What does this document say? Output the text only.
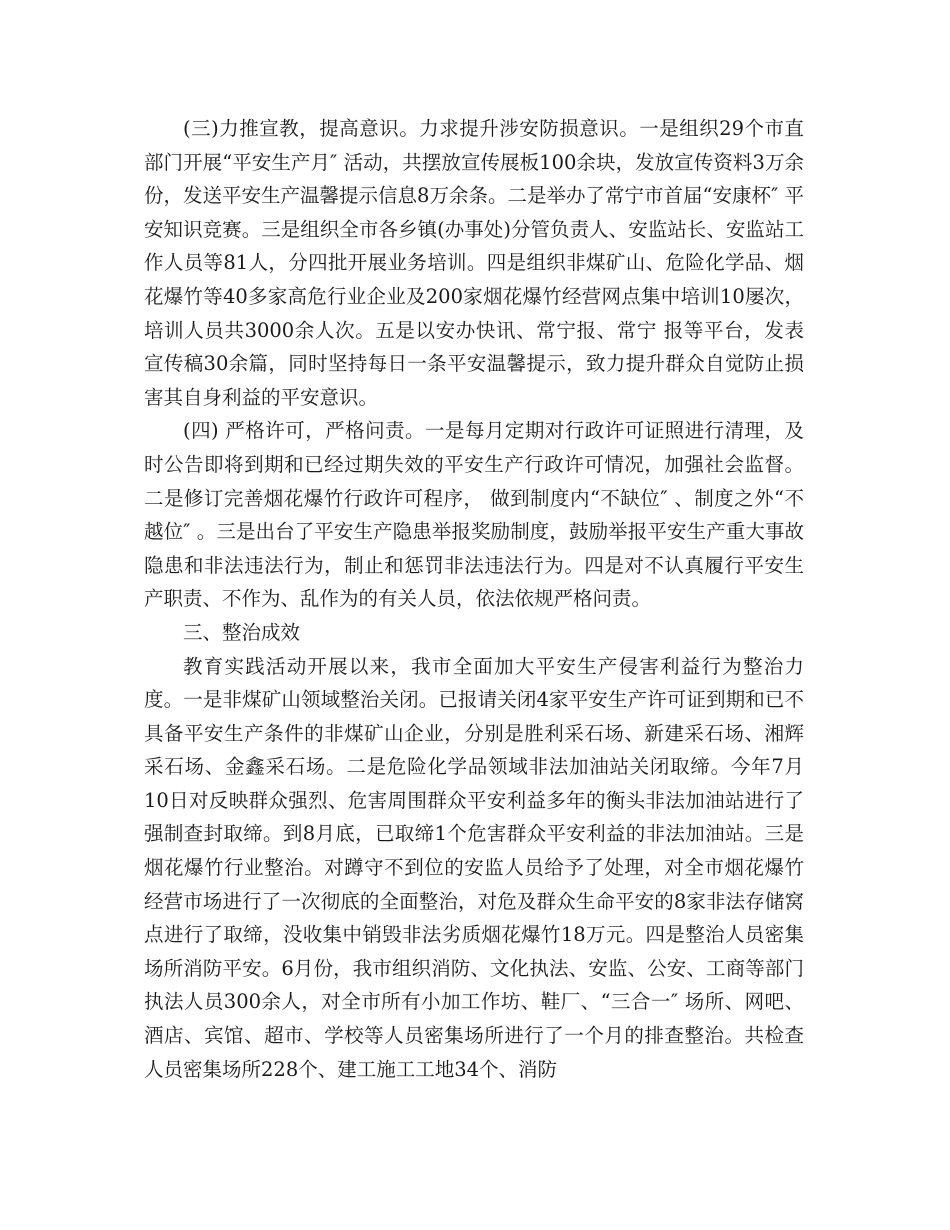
(三)力推宣教，提高意识。力求提升涉安防损意识。一是组织29个市直部门开展“平安生产月″ 活动，共摆放宣传展板100余块，发放宣传资料3万余份，发送平安生产温馨提示信息8万余条。二是举办了常宁市首届“安康杯″ 平安知识竞赛。三是组织全市各乡镇(办事处)分管负责人、安监站长、安监站工作人员等81人，分四批开展业务培训。四是组织非煤矿山、危险化学品、烟花爆竹等40多家高危行业企业及200家烟花爆竹经营网点集中培训10屡次，培训人员共3000余人次。五是以安办快讯、常宁报、常宁 报等平台，发表宣传稿30余篇，同时坚持每日一条平安温馨提示，致力提升群众自觉防止损害其自身利益的平安意识。

(四) 严格许可，严格问责。一是每月定期对行政许可证照进行清理，及时公告即将到期和已经过期失效的平安生产行政许可情况，加强社会监督。二是修订完善烟花爆竹行政许可程序， 做到制度内“不缺位″ 、制度之外“不越位″ 。三是出台了平安生产隐患举报奖励制度，鼓励举报平安生产重大事故隐患和非法违法行为，制止和惩罚非法违法行为。四是对不认真履行平安生产职责、不作为、乱作为的有关人员，依法依规严格问责。

三、整治成效

教育实践活动开展以来，我市全面加大平安生产侵害利益行为整治力度。一是非煤矿山领域整治关闭。已报请关闭4家平安生产许可证到期和已不具备平安生产条件的非煤矿山企业，分别是胜利采石场、新建采石场、湘辉采石场、金鑫采石场。二是危险化学品领域非法加油站关闭取缔。今年7月10日对反映群众强烈、危害周围群众平安利益多年的衡头非法加油站进行了强制查封取缔。到8月底，已取缔1个危害群众平安利益的非法加油站。三是烟花爆竹行业整治。对蹲守不到位的安监人员给予了处理，对全市烟花爆竹经营市场进行了一次彻底的全面整治，对危及群众生命平安的8家非法存储窝点进行了取缔，没收集中销毁非法劣质烟花爆竹18万元。四是整治人员密集场所消防平安。6月份，我市组织消防、文化执法、安监、公安、工商等部门执法人员300余人，对全市所有小加工作坊、鞋厂、“三合一″ 场所、网吧、酒店、宾馆、超市、学校等人员密集场所进行了一个月的排查整治。共检查人员密集场所228个、建工施工工地34个、消防
